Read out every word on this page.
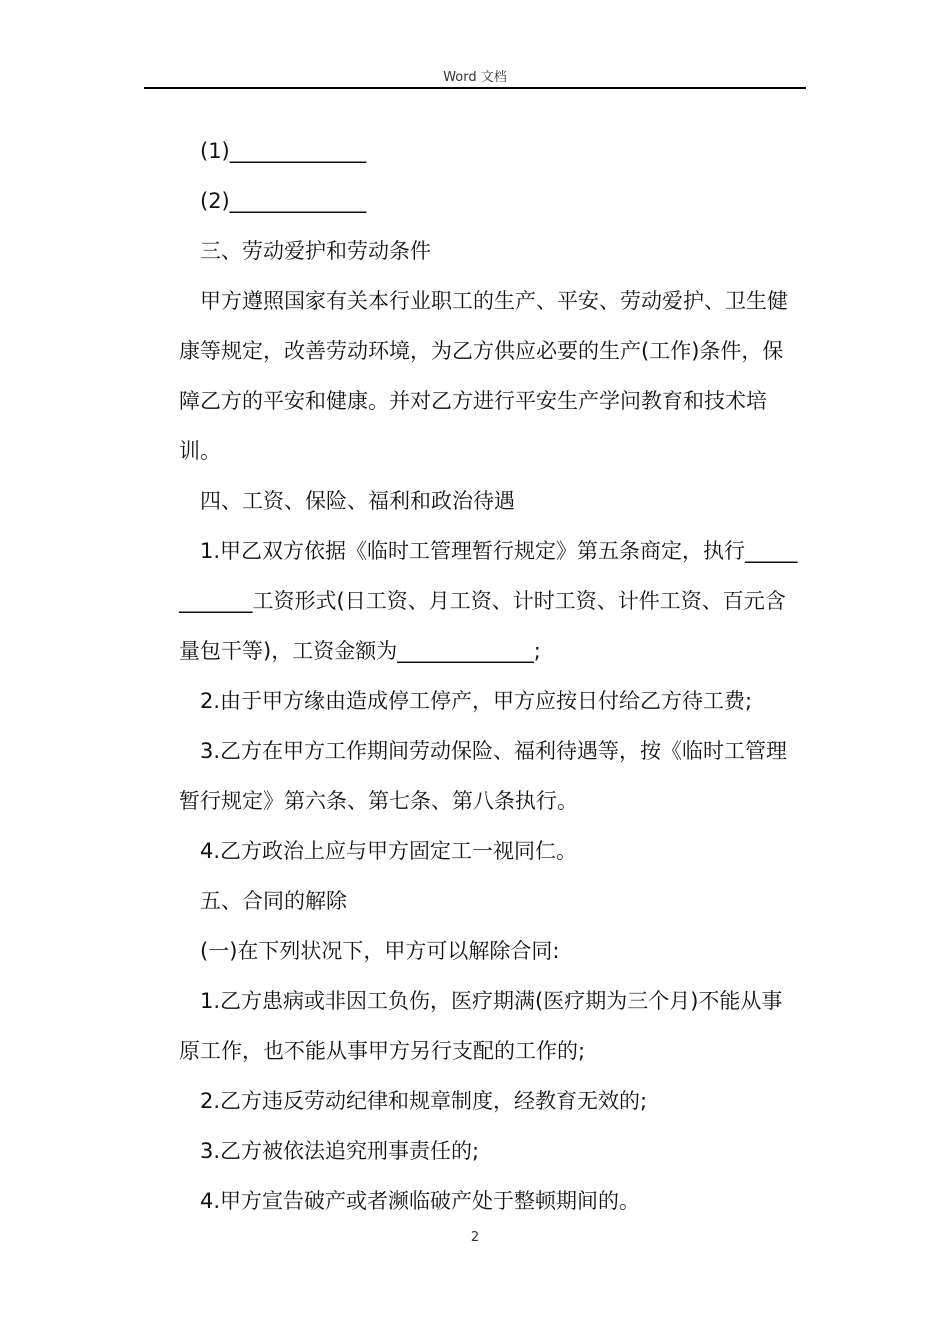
Word 文档

(1)_____________

(2)_____________

三、劳动爱护和劳动条件

甲方遵照国家有关本行业职工的生产、平安、劳动爱护、卫生健康等规定，改善劳动环境，为乙方供应必要的生产(工作)条件，保障乙方的平安和健康。并对乙方进行平安生产学问教育和技术培训。

四、工资、保险、福利和政治待遇

1.甲乙双方依据《临时工管理暂行规定》第五条商定，执行____________工资形式(日工资、月工资、计时工资、计件工资、百元含量包干等)，工资金额为_____________;

2.由于甲方缘由造成停工停产，甲方应按日付给乙方待工费;

3.乙方在甲方工作期间劳动保险、福利待遇等，按《临时工管理暂行规定》第六条、第七条、第八条执行。

4.乙方政治上应与甲方固定工一视同仁。

五、合同的解除

(一)在下列状况下，甲方可以解除合同:

1.乙方患病或非因工负伤，医疗期满(医疗期为三个月)不能从事原工作，也不能从事甲方另行支配的工作的;

2.乙方违反劳动纪律和规章制度，经教育无效的;

3.乙方被依法追究刑事责任的;

4.甲方宣告破产或者濒临破产处于整顿期间的。

2
